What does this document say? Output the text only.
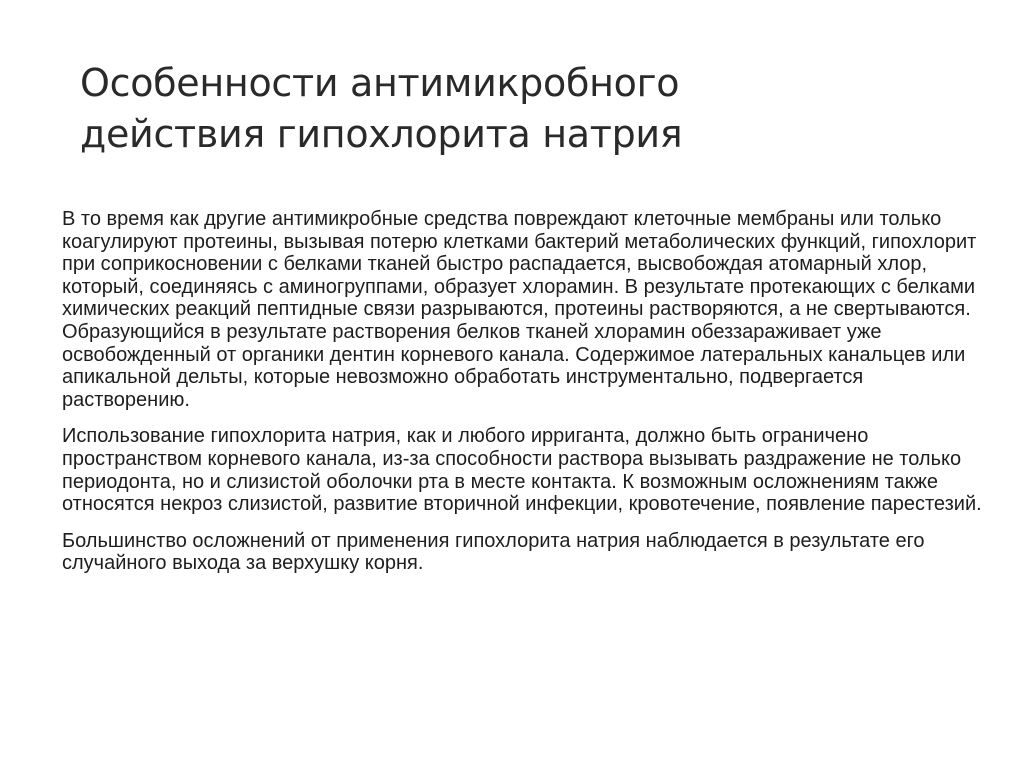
Особенности антимикробного
действия гипохлорита натрия

В то время как другие антимикробные средства повреждают клеточные мембраны или только коагулируют протеины, вызывая потерю клетками бактерий метаболических функций, гипохлорит при соприкосновении с белками тканей быстро распадается, высвобождая атомарный хлор, который, соединяясь с аминогруппами, образует хлорамин. В результате протекающих с белками химических реакций пептидные связи разрываются, протеины растворяются, а не свертываются. Образующийся в результате растворения белков тканей хлорамин обеззараживает уже освобожденный от органики дентин корневого канала. Содержимое латеральных канальцев или апикальной дельты, которые невозможно обработать инструментально, подвергается растворению.

Использование гипохлорита натрия, как и любого ирриганта, должно быть ограничено пространством корневого канала, из-за способности раствора вызывать раздражение не только периодонта, но и слизистой оболочки рта в месте контакта. К возможным осложнениям также относятся некроз слизистой, развитие вторичной инфекции, кровотечение, появление парестезий.

Большинство осложнений от применения гипохлорита натрия наблюдается в результате его случайного выхода за верхушку корня.
